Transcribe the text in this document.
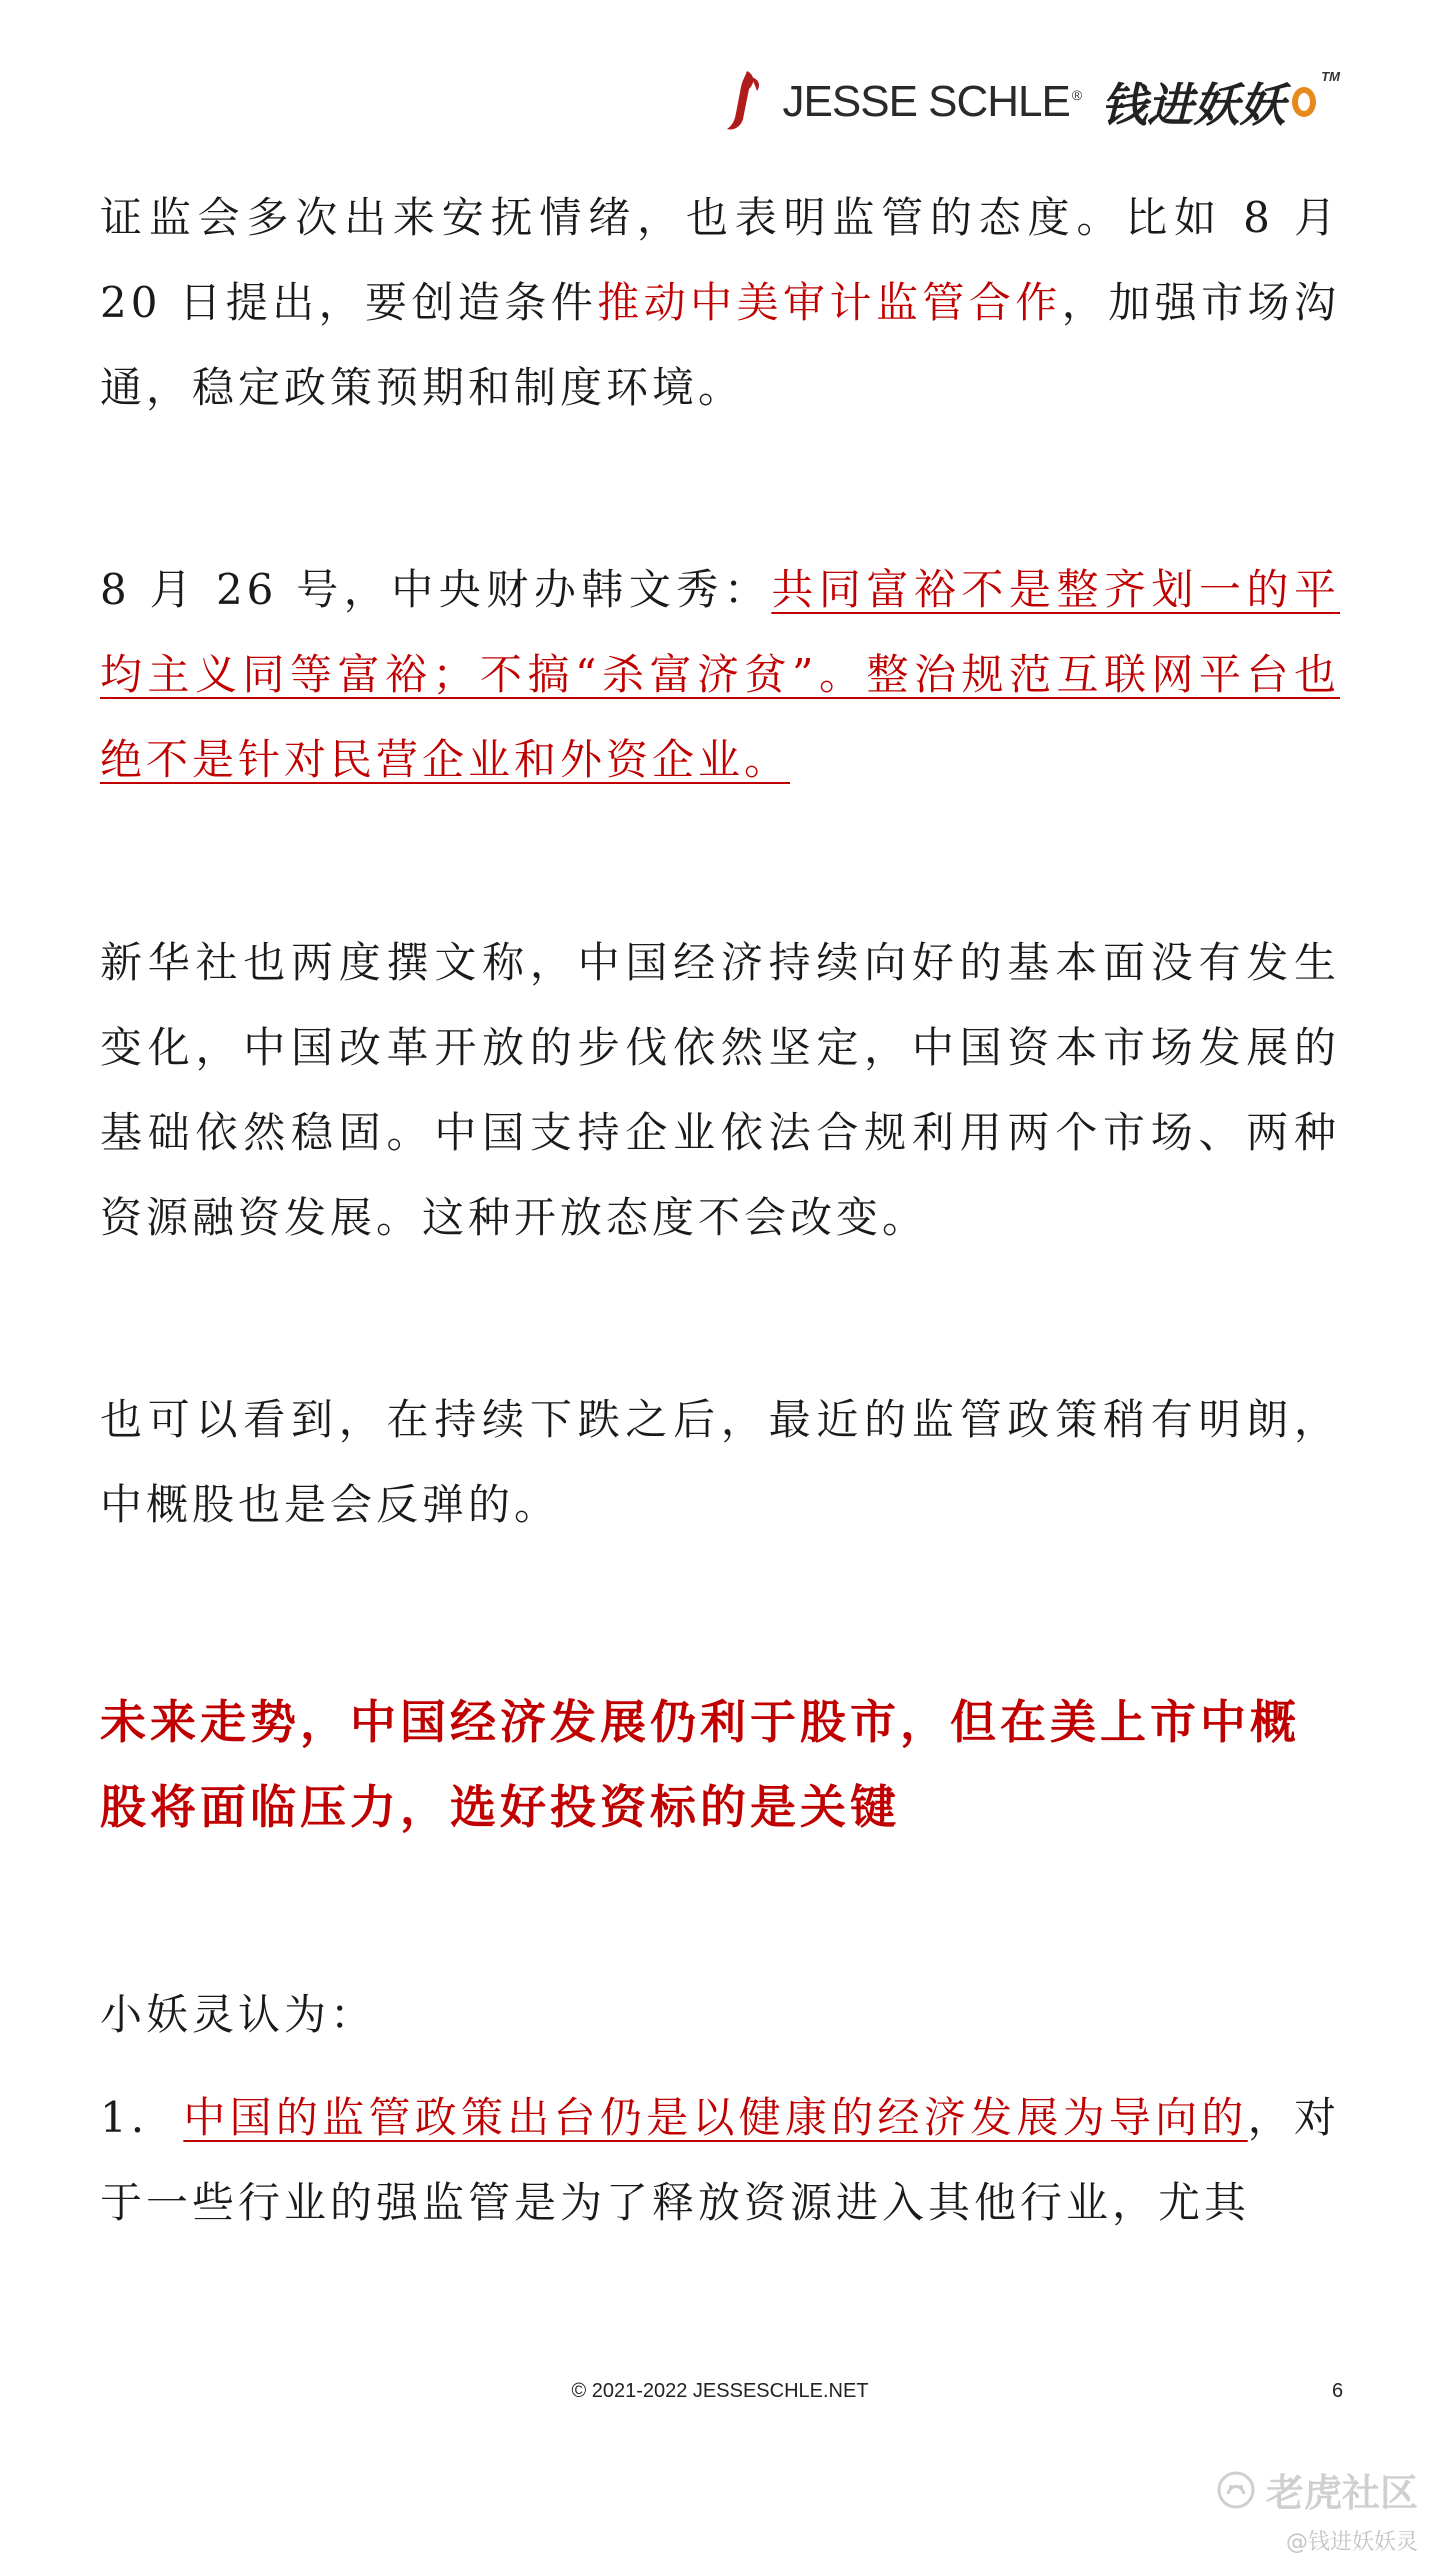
JESSE SCHLE ® 钱进妖妖
TM

证监会多次出来安抚情绪，也表明监管的态度。比如 8 月 20 日提出，要创造条件推动中美审计监管合作，加强市场沟通，稳定政策预期和制度环境。

8 月 26 号，中央财办韩文秀：共同富裕不是整齐划一的平均主义同等富裕；不搞“杀富济贫”。整治规范互联网平台也绝不是针对民营企业和外资企业。

新华社也两度撰文称，中国经济持续向好的基本面没有发生变化，中国改革开放的步伐依然坚定，中国资本市场发展的基础依然稳固。中国支持企业依法合规利用两个市场、两种资源融资发展。这种开放态度不会改变。

也可以看到，在持续下跌之后，最近的监管政策稍有明朗，中概股也是会反弹的。

未来走势，中国经济发展仍利于股市，但在美上市中概股将面临压力，选好投资标的是关键

小妖灵认为：

1. 中国的监管政策出台仍是以健康的经济发展为导向的，对于一些行业的强监管是为了释放资源进入其他行业，尤其

© 2021-2022 JESSESCHLE.NET	6
老虎社区
@钱进妖妖灵
